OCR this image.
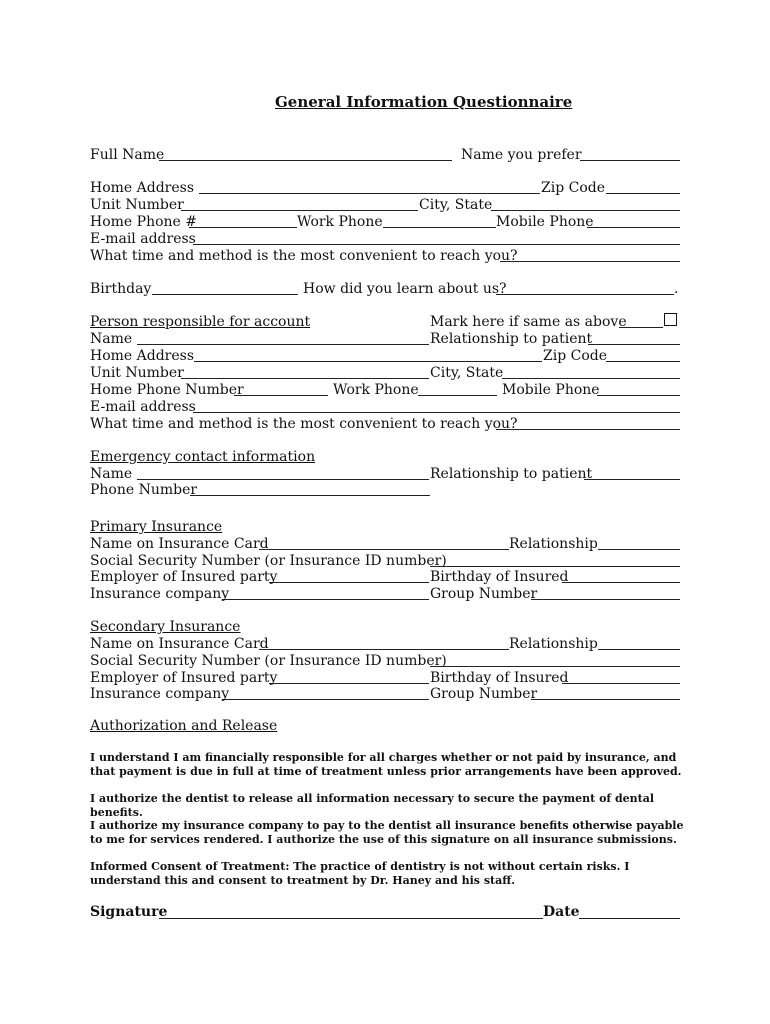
General Information Questionnaire
Full Name	Name you prefer
Home Address	Zip Code
Unit Number	City, State
Home Phone #	Work Phone	Mobile Phone
E-mail address
What time and method is the most convenient to reach you?
Birthday	How did you learn about us?	.
Person responsible for account	Mark here if same as above
Name	Relationship to patient
Home Address	Zip Code
Unit Number	City, State
Home Phone Number	Work Phone	Mobile Phone
E-mail address
What time and method is the most convenient to reach you?
Emergency contact information
Name	Relationship to patient
Phone Number
Primary Insurance
Name on Insurance Card	Relationship
Social Security Number (or Insurance ID number)
Employer of Insured party	Birthday of Insured
Insurance company	Group Number
Secondary Insurance
Name on Insurance Card	Relationship
Social Security Number (or Insurance ID number)
Employer of Insured party	Birthday of Insured
Insurance company	Group Number
Authorization and Release
I understand I am financially responsible for all charges whether or not paid by insurance, and that payment is due in full at time of treatment unless prior arrangements have been approved.
I authorize the dentist to release all information necessary to secure the payment of dental benefits.
I authorize my insurance company to pay to the dentist all insurance benefits otherwise payable to me for services rendered. I authorize the use of this signature on all insurance submissions.
Informed Consent of Treatment: The practice of dentistry is not without certain risks. I understand this and consent to treatment by Dr. Haney and his staff.
Signature	Date
